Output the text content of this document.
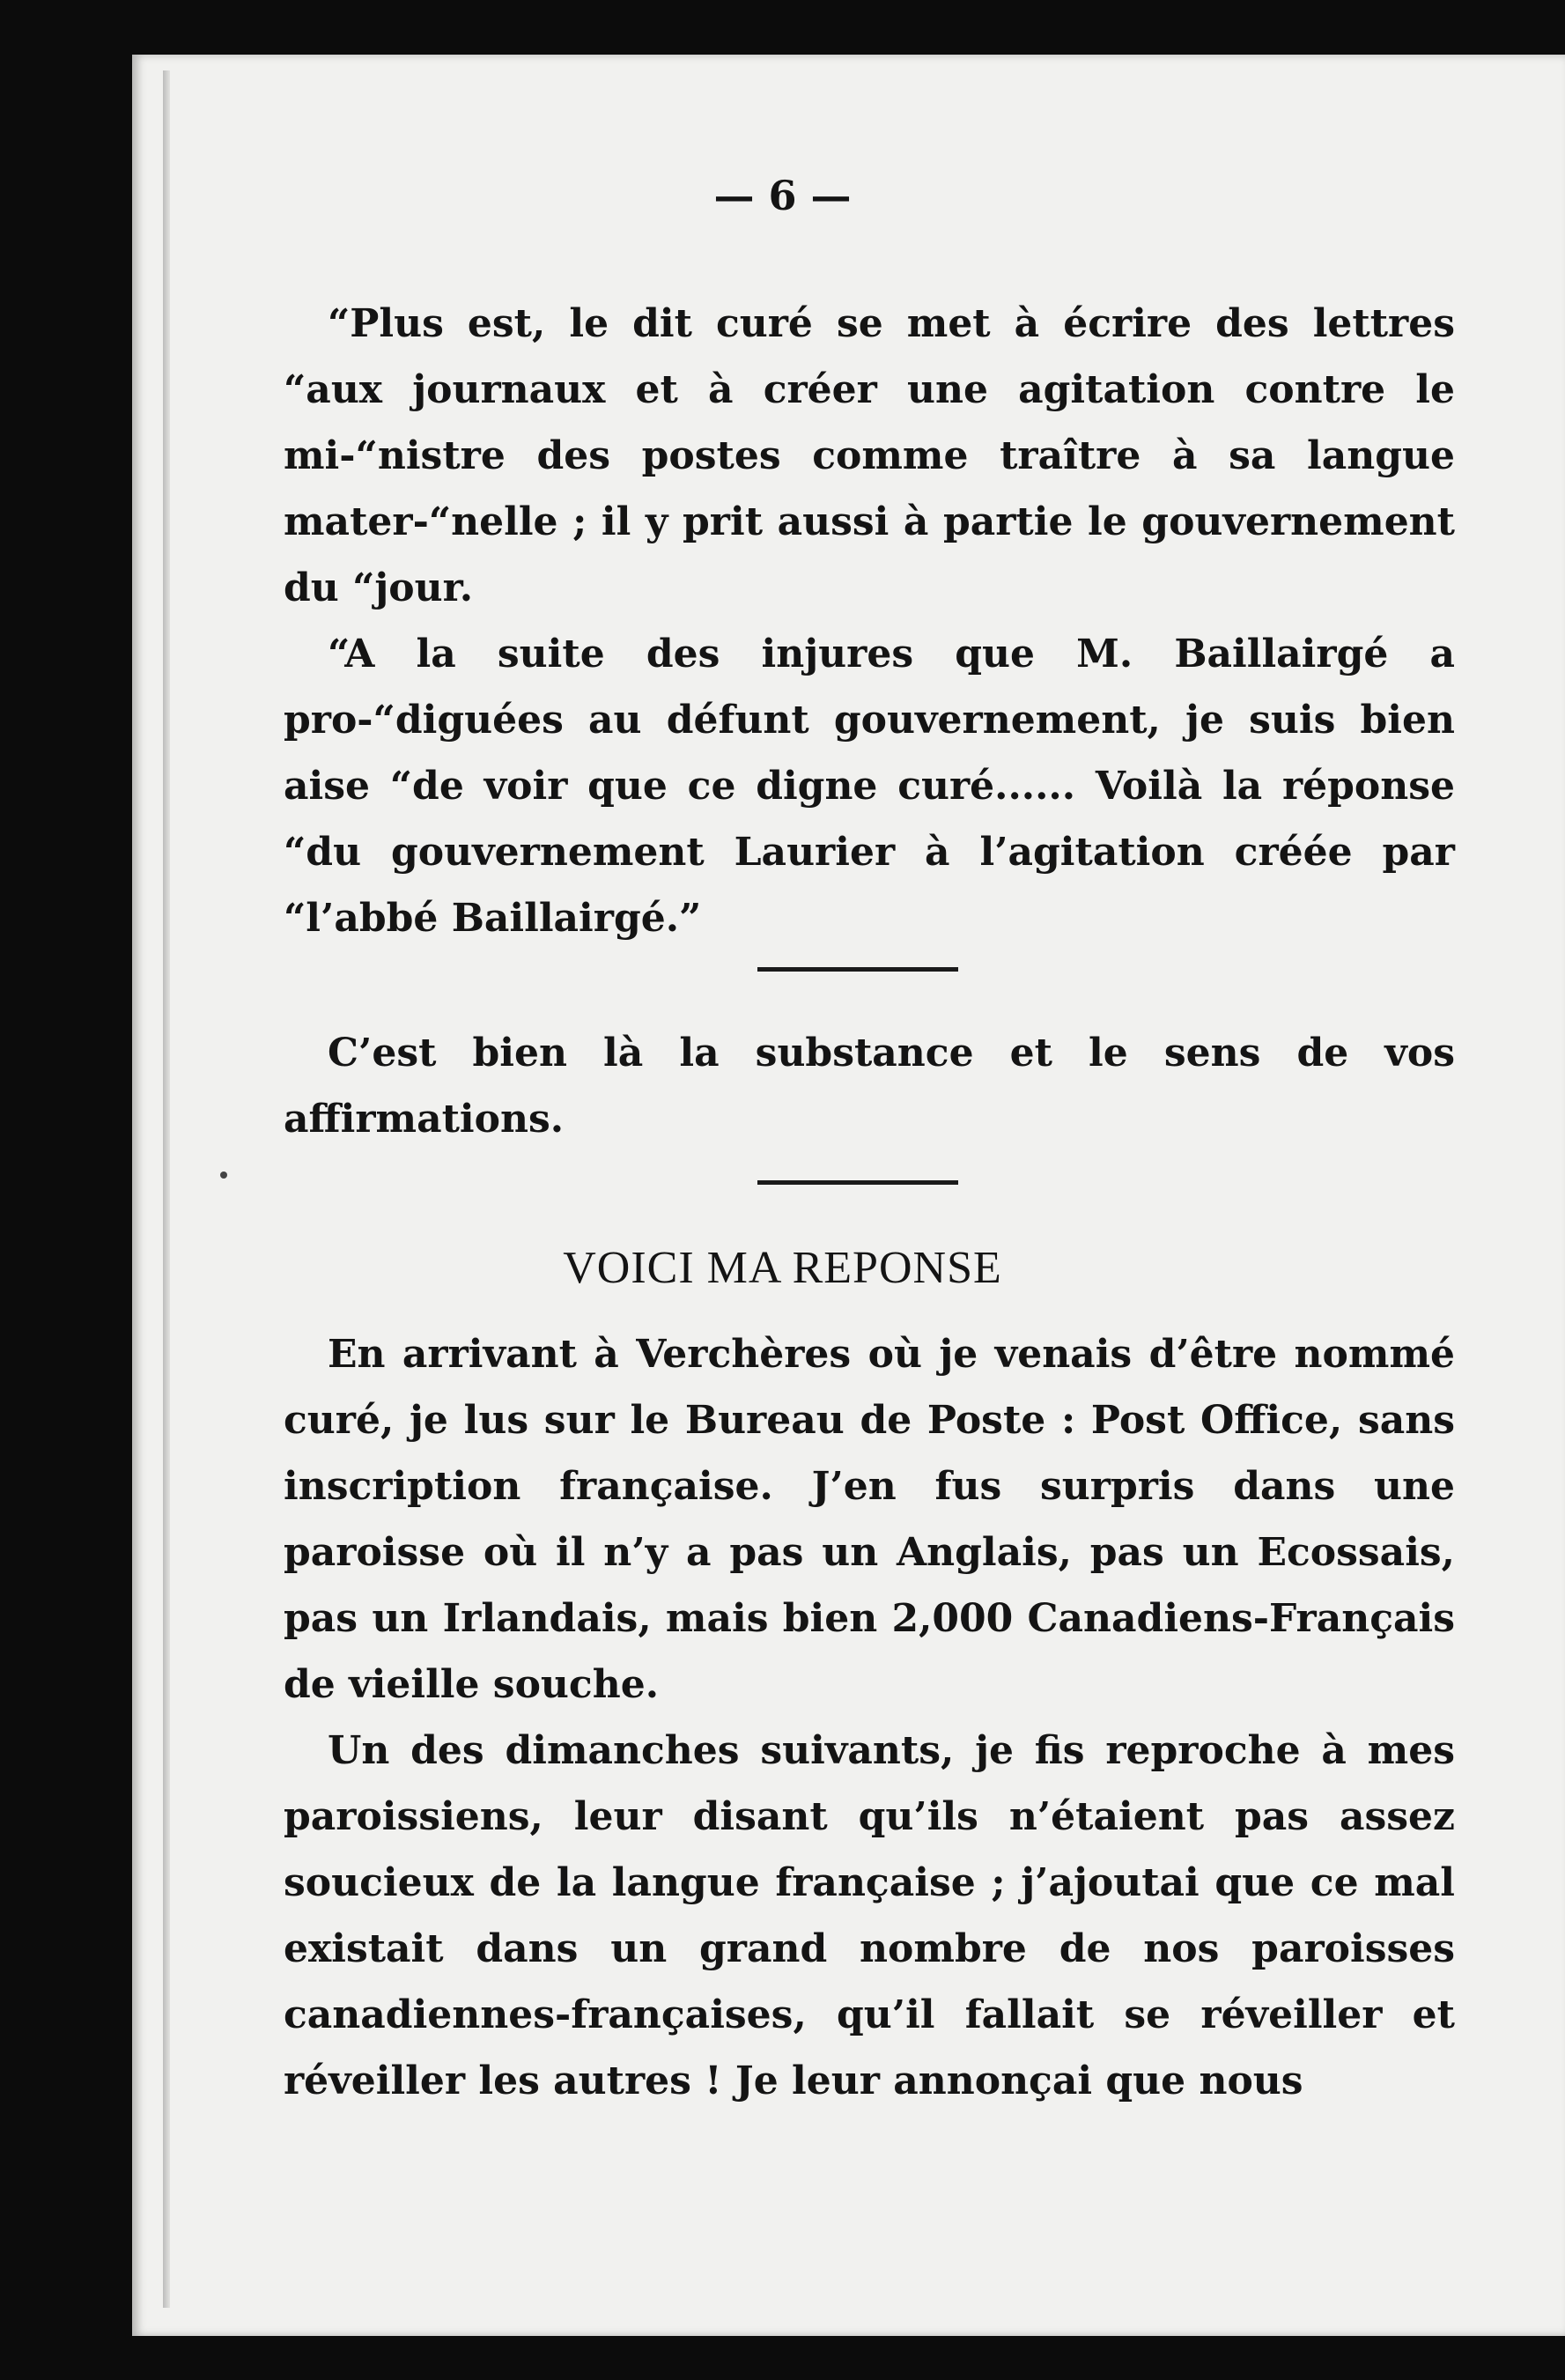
— 6 —

“Plus est, le dit curé se met à écrire des lettres “aux journaux et à créer une agitation contre le mi-“nistre des postes comme traître à sa langue mater-“nelle ; il y prit aussi à partie le gouvernement du “jour.

“A la suite des injures que M. Baillairgé a pro-“diguées au défunt gouvernement, je suis bien aise “de voir que ce digne curé...... Voilà la réponse “du gouvernement Laurier à l’agitation créée par “l’abbé Baillairgé.”

C’est bien là la substance et le sens de vos affirmations.

VOICI MA REPONSE

En arrivant à Verchères où je venais d’être nommé curé, je lus sur le Bureau de Poste : Post Office, sans inscription française. J’en fus surpris dans une paroisse où il n’y a pas un Anglais, pas un Ecossais, pas un Irlandais, mais bien 2,000 Canadiens-Français de vieille souche.

Un des dimanches suivants, je fis reproche à mes paroissiens, leur disant qu’ils n’étaient pas assez soucieux de la langue française ; j’ajoutai que ce mal existait dans un grand nombre de nos paroisses canadiennes-françaises, qu’il fallait se réveiller et réveiller les autres ! Je leur annonçai que nous
